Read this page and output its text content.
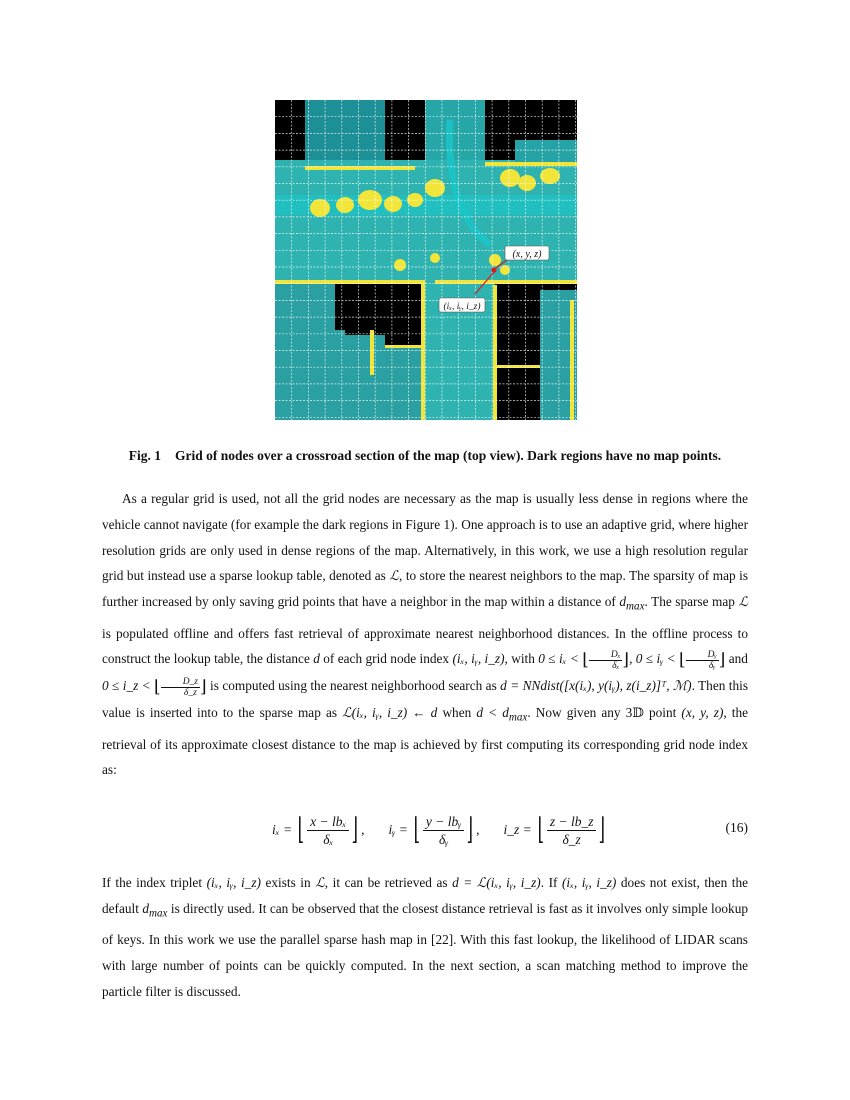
(x, y, z)
(iₓ, iᵧ, i_z)
Fig. 1 Grid of nodes over a crossroad section of the map (top view). Dark regions have no map points.
As a regular grid is used, not all the grid nodes are necessary as the map is usually less dense in regions where the vehicle cannot navigate (for example the dark regions in Figure 1). One approach is to use an adaptive grid, where higher resolution grids are only used in dense regions of the map. Alternatively, in this work, we use a high resolution regular grid but instead use a sparse lookup table, denoted as ℒ, to store the nearest neighbors to the map. The sparsity of map is further increased by only saving grid points that have a neighbor in the map within a distance of $d_{max}$. The sparse map ℒ is populated offline and offers fast retrieval of approximate nearest neighborhood distances. In the offline process to construct the lookup table, the distance d of each grid node index (iₓ, iᵧ, i_z), with 0 ≤ iₓ < ⌊ $\frac{\text{Dₓ}}{\text{δₓ}}$ ⌋, 0 ≤ iᵧ < ⌊ $\frac{\text{Dᵧ}}{\text{δᵧ}}$ ⌋ and 0 ≤ i_z < ⌊ $\frac{D\_z}{\delta\_z}$ ⌋ is computed using the nearest neighborhood search as d = NNdist([x(iₓ), y(iᵧ), z(i_z)]ᵀ, ℳ). Then this value is inserted into to the sparse map as ℒ(iₓ, iᵧ, i_z) ← d when $d < d_{max}$. Now given any 3𝔻 point (x, y, z), the retrieval of its approximate closest distance to the map is achieved by first computing its corresponding grid node index as:
iₓ =
⌊ $\frac{\text{x − lbₓ}}{\text{δₓ}}$ ⌋ , iᵧ =
⌊ $\frac{\text{y − lbᵧ}}{\text{δᵧ}}$ ⌋ , i_z =
⌊ $\frac{z - lb\_z}{\delta\_z}$ ⌋	(16)
If the index triplet (iₓ, iᵧ, i_z) exists in ℒ, it can be retrieved as d = ℒ(iₓ, iᵧ, i_z). If (iₓ, iᵧ, i_z) does not exist, then the default $d_{max}$ is directly used. It can be observed that the closest distance retrieval is fast as it involves only simple lookup of keys. In this work we use the parallel sparse hash map in [22]. With this fast lookup, the likelihood of LIDAR scans with large number of points can be quickly computed. In the next section, a scan matching method to improve the particle filter is discussed.
